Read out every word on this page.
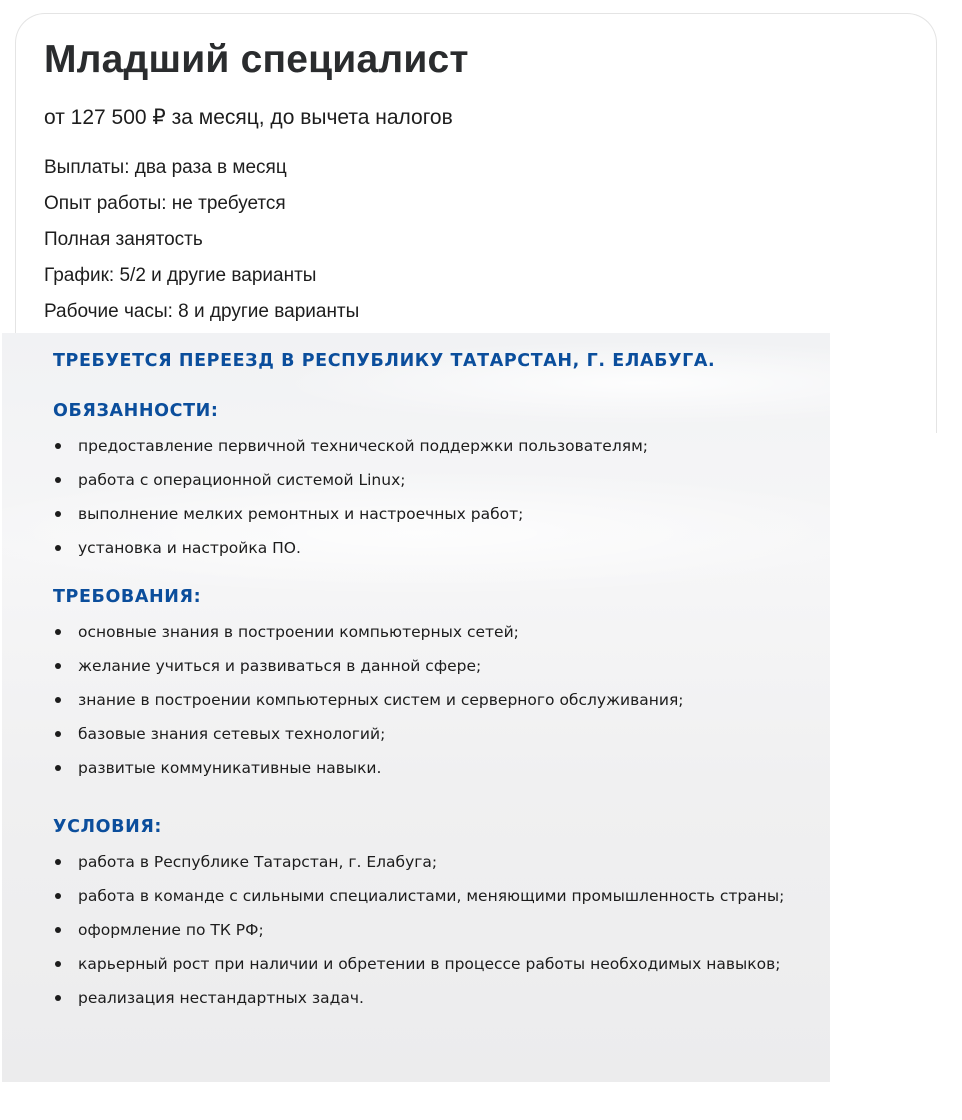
Младший специалист
от 127 500 ₽ за месяц, до вычета налогов
Выплаты: два раза в месяц
Опыт работы: не требуется
Полная занятость
График: 5/2 и другие варианты
Рабочие часы: 8 и другие варианты
ТРЕБУЕТСЯ ПЕРЕЕЗД В РЕСПУБЛИКУ ТАТАРСТАН, Г. ЕЛАБУГА.
ОБЯЗАННОСТИ:
предоставление первичной технической поддержки пользователям;
работа с операционной системой Linux;
выполнение мелких ремонтных и настроечных работ;
установка и настройка ПО.
ТРЕБОВАНИЯ:
основные знания в построении компьютерных сетей;
желание учиться и развиваться в данной сфере;
знание в построении компьютерных систем и серверного обслуживания;
базовые знания сетевых технологий;
развитые коммуникативные навыки.
УСЛОВИЯ:
работа в Республике Татарстан, г. Елабуга;
работа в команде с сильными специалистами, меняющими промышленность страны;
оформление по ТК РФ;
карьерный рост при наличии и обретении в процессе работы необходимых навыков;
реализация нестандартных задач.
